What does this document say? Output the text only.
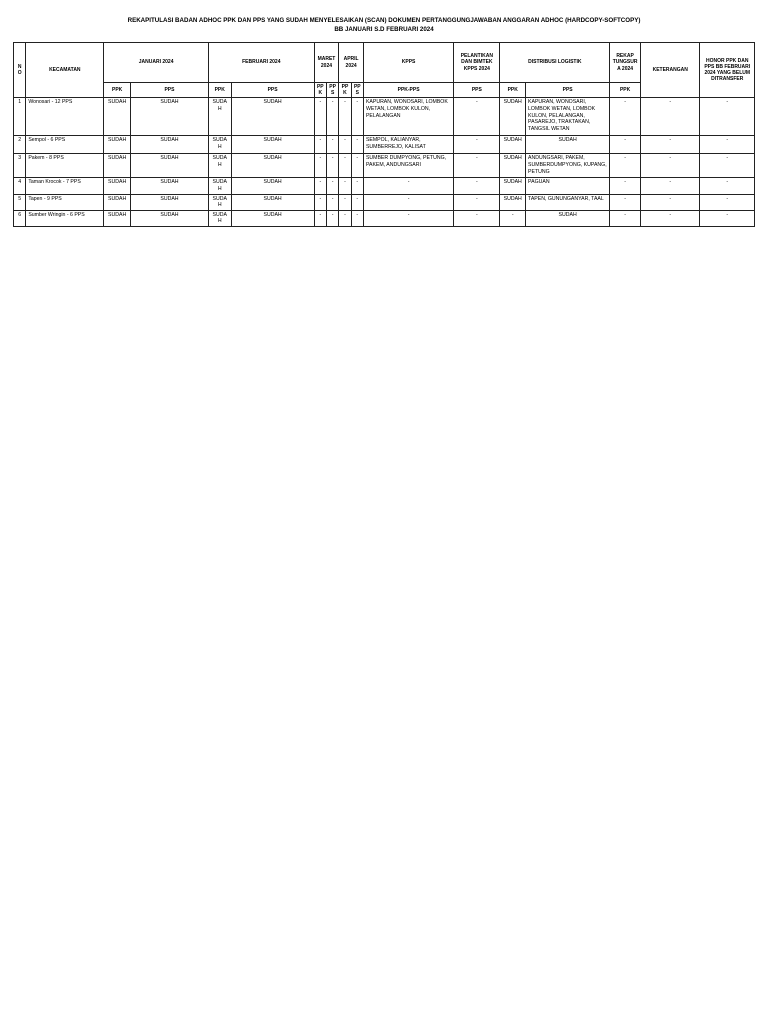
REKAPITULASI BADAN ADHOC PPK DAN PPS YANG SUDAH MENYELESAIKAN (SCAN) DOKUMEN PERTANGGUNGJAWABAN ANGGARAN ADHOC (HARDCOPY-SOFTCOPY)
BB JANUARI S.D FEBRUARI 2024
NO	KECAMATAN	JANUARI 2024		FEBRUARI 2024		MARET 2024		APRIL 2024		KPPS	PELANTIKAN DAN BIMTEK KPPS 2024	DISTRIBUSI LOGISTIK		REKAP TUNGSURA 2024	KETERANGAN	HONOR PPK DAN PPS BB FEBRUARI 2024 YANG BELUM DITRANSFER
		PPK	PPS	PPK	PPS	PPK	PPS	PPK	PPS	PPK-PPS	PPS	PPK	PPS	PPK		
1	Wonosari - 12 PPS	SUDAH	SUDAH	SUDAH	SUDAH	-	-	-	-	KAPURAN, WONOSARI, LOMBOK WETAN, LOMBOK KULON, PELALANGAN	-	SUDAH	KAPURAN, WONOSARI, LOMBOK WETAN, LOMBOK KULON, PELALANGAN, PASAREJO, TRAKTAKAN, TANGSIL WETAN	-	-	-
2	Sempol - 6 PPS	SUDAH	SUDAH	SUDAH	SUDAH	-	-	-	-	SEMPOL, KALIANYAR, SUMBERREJO, KALISAT	-	SUDAH	SUDAH	-	-	-
3	Pakem - 8 PPS	SUDAH	SUDAH	SUDAH	SUDAH	-	-	-	-	SUMBER DUMPYONG, PETUNG, PAKEM, ANDUNGSARI	-	SUDAH	ANDUNGSARI, PAKEM, SUMBERDUMPYONG, KUPANG, PETUNG	-	-	-
4	Taman Krocok - 7 PPS	SUDAH	SUDAH	SUDAH	SUDAH	-	-	-	-	-	-	SUDAH	PAGUAN	-	-	-
5	Tapen - 9 PPS	SUDAH	SUDAH	SUDAH	SUDAH	-	-	-	-	-	-	SUDAH	TAPEN, GUNUNGANYAR, TAAL	-	-	-
6	Sumber Wringin - 6 PPS	SUDAH	SUDAH	SUDAH	SUDAH	-	-	-	-	-	-	-	SUDAH	-	-	-
